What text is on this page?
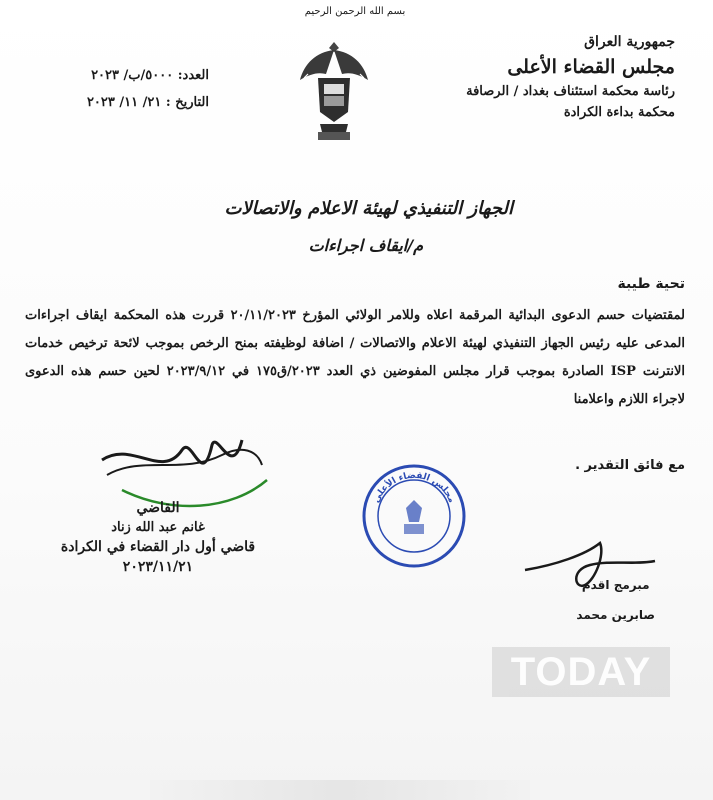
بسم الله الرحمن الرحيم
جمهورية العراق
مجلس القضاء الأعلى
رئاسة محكمة استئناف بغداد / الرصافة
محكمة بداءة الكرادة
العدد: ٥٠٠٠/ب/ ٢٠٢٣
التاريخ : ٢١/ ١١/ ٢٠٢٣
الجهاز التنفيذي لهيئة الاعلام والاتصالات
م/ايقاف اجراءات
تحية طيبة
لمقتضيات حسم الدعوى البدائية المرقمة اعلاه وللامر الولائي المؤرخ ٢٠/١١/٢٠٢٣ قررت هذه المحكمة ايقاف اجراءات المدعى عليه رئيس الجهاز التنفيذي لهيئة الاعلام والاتصالات / اضافة لوظيفته بمنح الرخص بموجب لائحة ترخيص خدمات الانترنت ISP الصادرة بموجب قرار مجلس المفوضين ذي العدد ٢٠٢٣/ق١٧٥ في ٢٠٢٣/٩/١٢ لحين حسم هذه الدعوى لاجراء اللازم واعلامنا
مع فائق التقدير .
القاضي
غانم عبد الله زناد
قاضي أول دار القضاء في الكرادة
٢٠٢٣/١١/٢١
مجلس القضاء الأعلى
مبرمج اقدم
صابرين محمد
TODAY
